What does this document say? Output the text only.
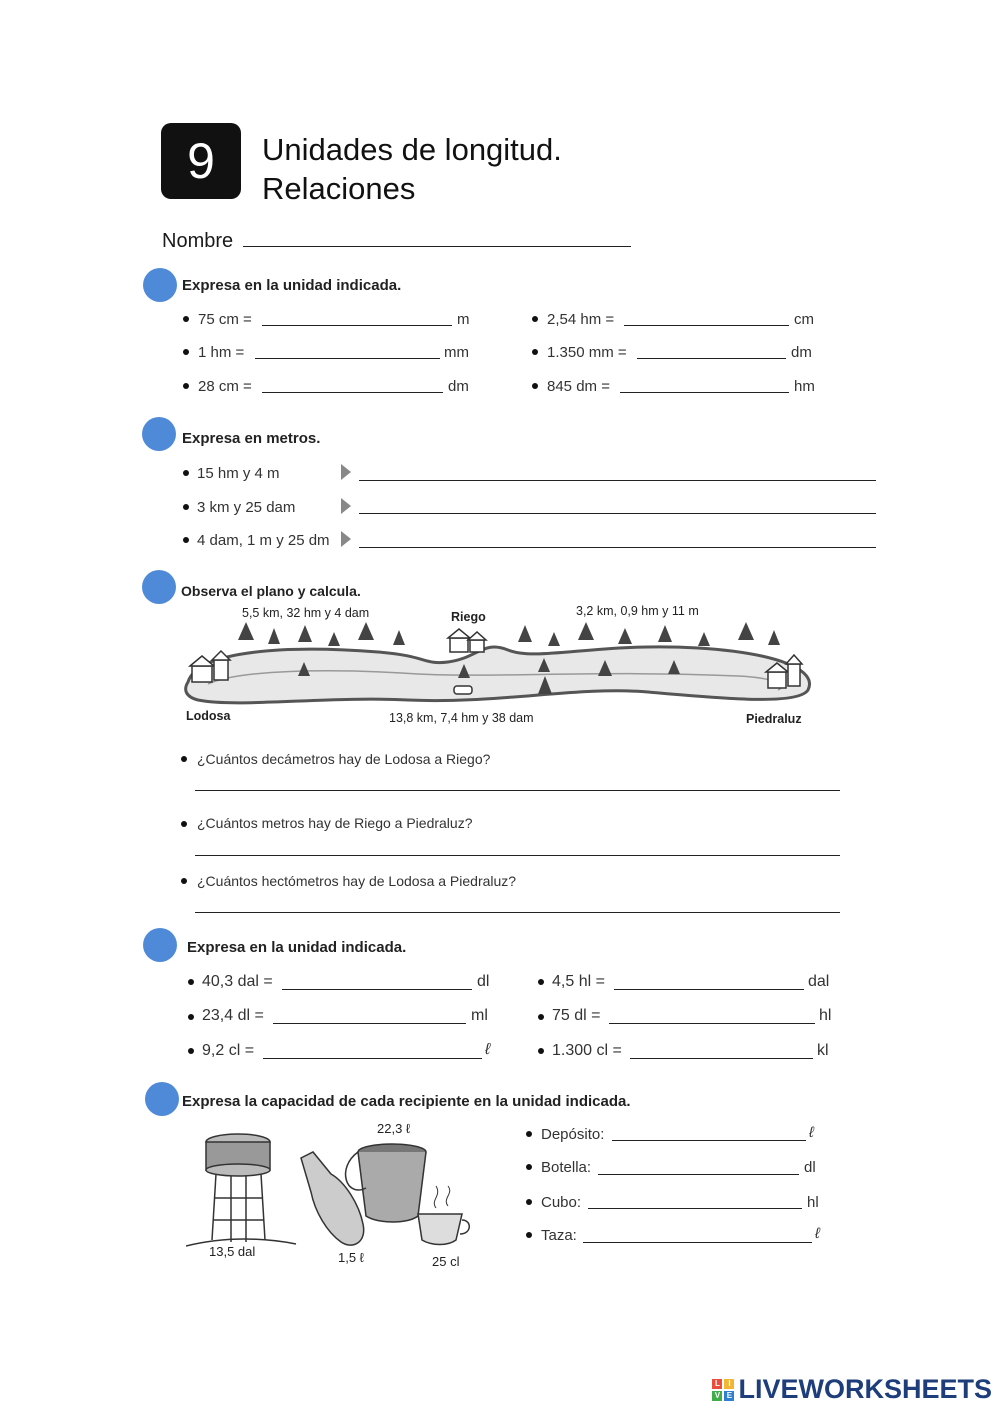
9 Unidades de longitud.
Relaciones
Nombre
Expresa en la unidad indicada.
75 cm =	m
1 hm =	mm
28 cm =	dm
2,54 hm =	cm
1.350 mm =	dm
845 dm =	hm
Expresa en metros.
15 hm y 4 m
3 km y 25 dam
4 dam, 1 m y 25 dm
Observa el plano y calcula.
5,5 km, 32 hm y 4 dam	Riego	3,2 km, 0,9 hm y 11 m
Lodosa	13,8 km, 7,4 hm y 38 dam	Piedraluz
¿Cuántos decámetros hay de Lodosa a Riego?
¿Cuántos metros hay de Riego a Piedraluz?
¿Cuántos hectómetros hay de Lodosa a Piedraluz?
Expresa en la unidad indicada.
40,3 dal =	dl
23,4 dl =	ml
9,2 cl =	ℓ
4,5 hl =	dal
75 dl =	hl
1.300 cl =	kl
Expresa la capacidad de cada recipiente en la unidad indicada.
13,5 dal	1,5 ℓ
22,3 ℓ
25 cl
Depósito:	ℓ
Botella:	dl
Cubo:	hl
Taza:	ℓ
L	I
V E LIVEWORKSHEETS
